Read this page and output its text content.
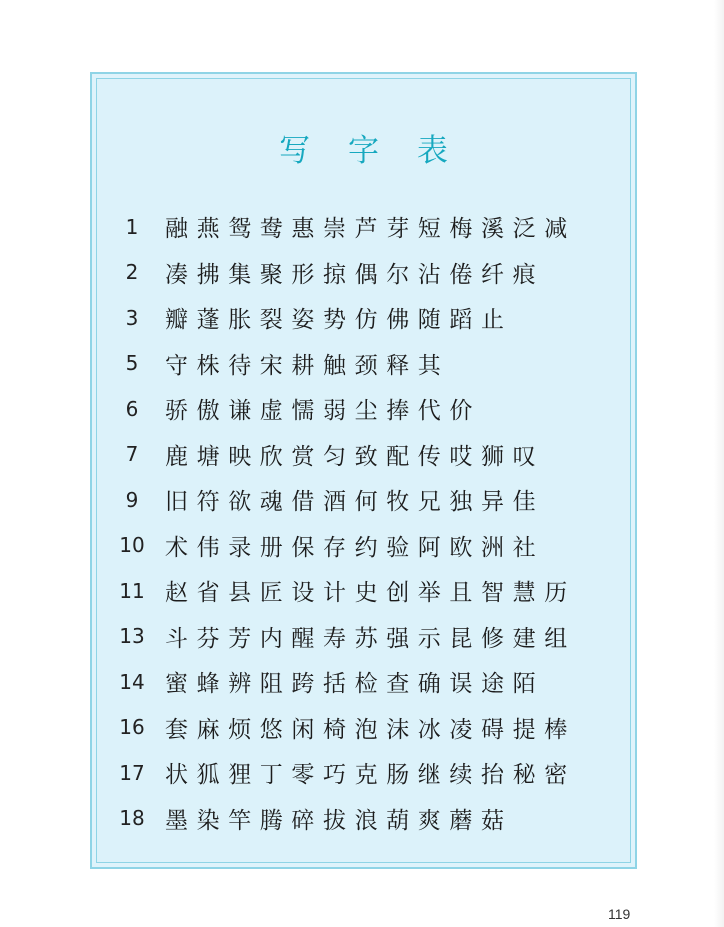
写 字 表
1	融燕鸳鸯惠崇芦芽短梅溪泛减
2	凑拂集聚形掠偶尔沾倦纤痕
3	瓣蓬胀裂姿势仿佛随蹈止
5	守株待宋耕触颈释其
6	骄傲谦虚懦弱尘捧代价
7	鹿塘映欣赏匀致配传哎狮叹
9	旧符欲魂借酒何牧兄独异佳
10 术伟录册保存约验阿欧洲社
11 赵省县匠设计史创举且智慧历
13 斗芬芳内醒寿苏强示昆修建组
14 蜜蜂辨阻跨括检查确误途陌
16 套麻烦悠闲椅泡沫冰凌碍提棒
17 状狐狸丁零巧克肠继续抬秘密
18 墨染竿腾碎拔浪葫爽蘑菇
119
